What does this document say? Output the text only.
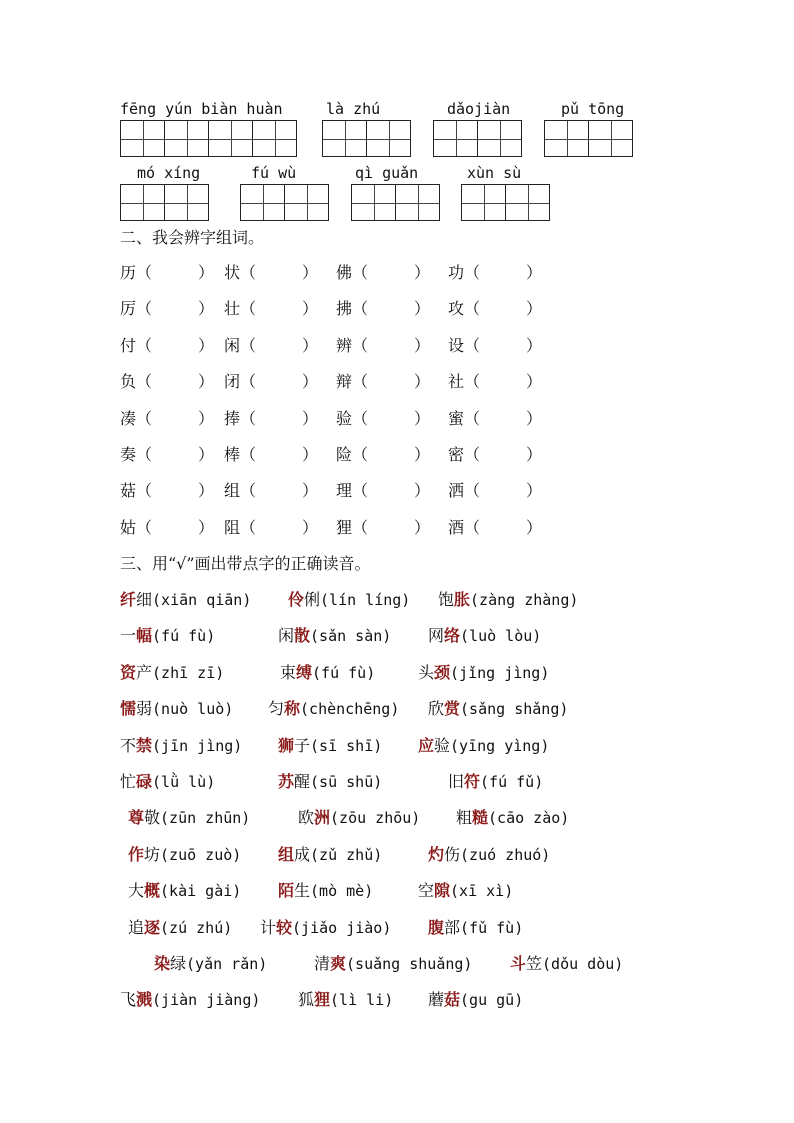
fēng yún biàn huàn	là zhú	dǎojiàn	pǔ tōng
mó xíng	fú wù	qì guǎn	xùn sù
二、我会辨字组词。
历（	） 状（	） 佛（	） 功（	）
厉（	） 壮（	） 拂（	） 攻（	）
付（	） 闲（	） 辨（	） 设（	）
负（	） 闭（	） 辩（	） 社（	）
凑（	） 捧（	） 验（	） 蜜（	）
奏（	） 棒（	） 险（	） 密（	）
菇（	） 组（	） 理（	） 洒（	）
姑（	） 阻（	） 狸（	） 酒（	）
三、用“√”画出带点字的正确读音。
纤细(xiān qiān) 伶俐(lín líng) 饱胀(zàng zhàng)
一幅(fú fù)	闲散(sǎn sàn) 网络(luò lòu)
资产(zhī zī)	束缚(fú fù)	头颈(jǐng jìng)
懦弱(nuò luò) 匀称(chènchēng) 欣赏(sǎng shǎng)
不禁(jīn jìng) 狮子(sī shī) 应验(yīng yìng)
忙碌(lǜ lù)	苏醒(sū shū)	旧符(fú fǔ)
尊敬(zūn zhūn)	欧洲(zōu zhōu) 粗糙(cāo zào)
作坊(zuō zuò) 组成(zǔ zhǔ)	灼伤(zuó zhuó)
大概(kài gài) 陌生(mò mè)	空隙(xī xì)
追逐(zú zhú) 计较(jiǎo jiào) 腹部(fǔ fù)
染绿(yǎn rǎn)	清爽(suǎng shuǎng) 斗笠(dǒu dòu)
飞溅(jiàn jiàng) 狐狸(lì li) 蘑菇(gu gū)
